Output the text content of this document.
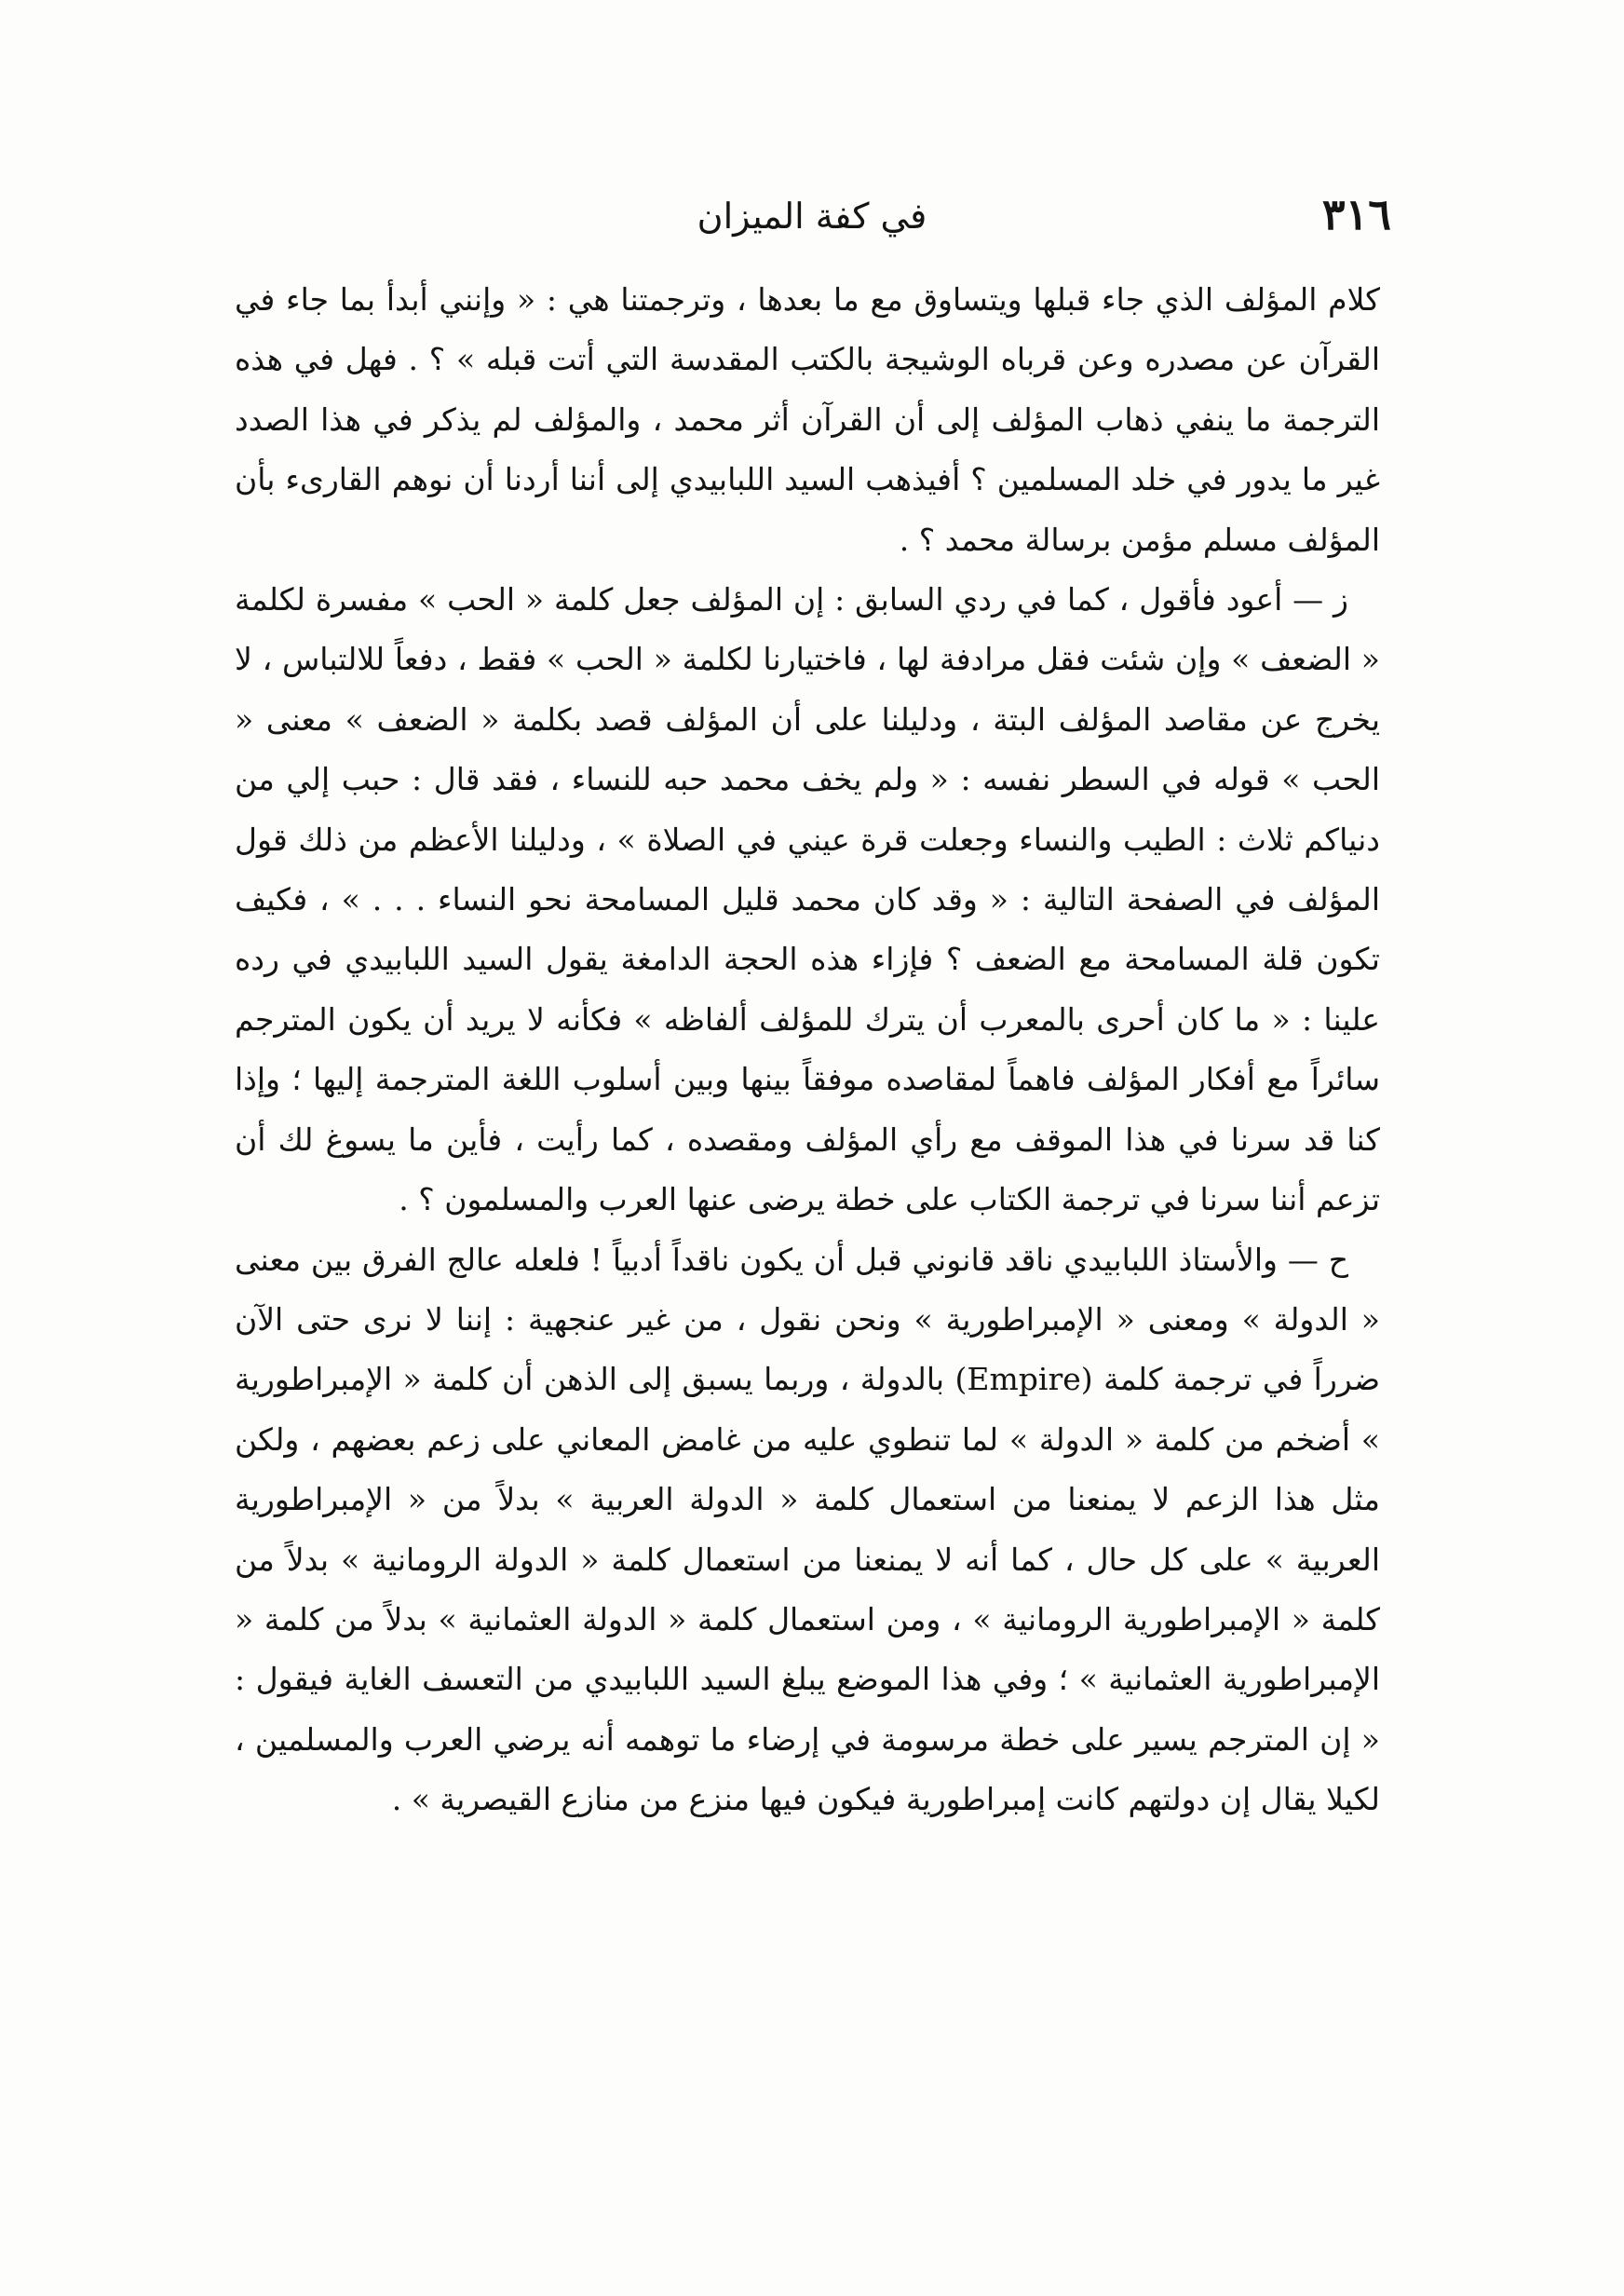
٣١٦
في كفة الميزان

كلام المؤلف الذي جاء قبلها ويتساوق مع ما بعدها ، وترجمتنا هي : « وإنني أبدأ بما جاء في القرآن عن مصدره وعن قرباه الوشيجة بالكتب المقدسة التي أتت قبله » ؟ . فهل في هذه الترجمة ما ينفي ذهاب المؤلف إلى أن القرآن أثر محمد ، والمؤلف لم يذكر في هذا الصدد غير ما يدور في خلد المسلمين ؟ أفيذهب السيد اللبابيدي إلى أننا أردنا أن نوهم القارىء بأن المؤلف مسلم مؤمن برسالة محمد ؟ .

ز — أعود فأقول ، كما في ردي السابق : إن المؤلف جعل كلمة « الحب » مفسرة لكلمة « الضعف » وإن شئت فقل مرادفة لها ، فاختيارنا لكلمة « الحب » فقط ، دفعاً للالتباس ، لا يخرج عن مقاصد المؤلف البتة ، ودليلنا على أن المؤلف قصد بكلمة « الضعف » معنى « الحب » قوله في السطر نفسه : « ولم يخف محمد حبه للنساء ، فقد قال : حبب إلي من دنياكم ثلاث : الطيب والنساء وجعلت قرة عيني في الصلاة » ، ودليلنا الأعظم من ذلك قول المؤلف في الصفحة التالية : « وقد كان محمد قليل المسامحة نحو النساء . . . » ، فكيف تكون قلة المسامحة مع الضعف ؟ فإزاء هذه الحجة الدامغة يقول السيد اللبابيدي في رده علينا : « ما كان أحرى بالمعرب أن يترك للمؤلف ألفاظه » فكأنه لا يريد أن يكون المترجم سائراً مع أفكار المؤلف فاهماً لمقاصده موفقاً بينها وبين أسلوب اللغة المترجمة إليها ؛ وإذا كنا قد سرنا في هذا الموقف مع رأي المؤلف ومقصده ، كما رأيت ، فأين ما يسوغ لك أن تزعم أننا سرنا في ترجمة الكتاب على خطة يرضى عنها العرب والمسلمون ؟ .

ح — والأستاذ اللبابيدي ناقد قانوني قبل أن يكون ناقداً أدبياً ! فلعله عالج الفرق بين معنى « الدولة » ومعنى « الإمبراطورية » ونحن نقول ، من غير عنجهية : إننا لا نرى حتى الآن ضرراً في ترجمة كلمة (Empire) بالدولة ، وربما يسبق إلى الذهن أن كلمة « الإمبراطورية » أضخم من كلمة « الدولة » لما تنطوي عليه من غامض المعاني على زعم بعضهم ، ولكن مثل هذا الزعم لا يمنعنا من استعمال كلمة « الدولة العربية » بدلاً من « الإمبراطورية العربية » على كل حال ، كما أنه لا يمنعنا من استعمال كلمة « الدولة الرومانية » بدلاً من كلمة « الإمبراطورية الرومانية » ، ومن استعمال كلمة « الدولة العثمانية » بدلاً من كلمة « الإمبراطورية العثمانية » ؛ وفي هذا الموضع يبلغ السيد اللبابيدي من التعسف الغاية فيقول : « إن المترجم يسير على خطة مرسومة في إرضاء ما توهمه أنه يرضي العرب والمسلمين ، لكيلا يقال إن دولتهم كانت إمبراطورية فيكون فيها منزع من منازع القيصرية » .
